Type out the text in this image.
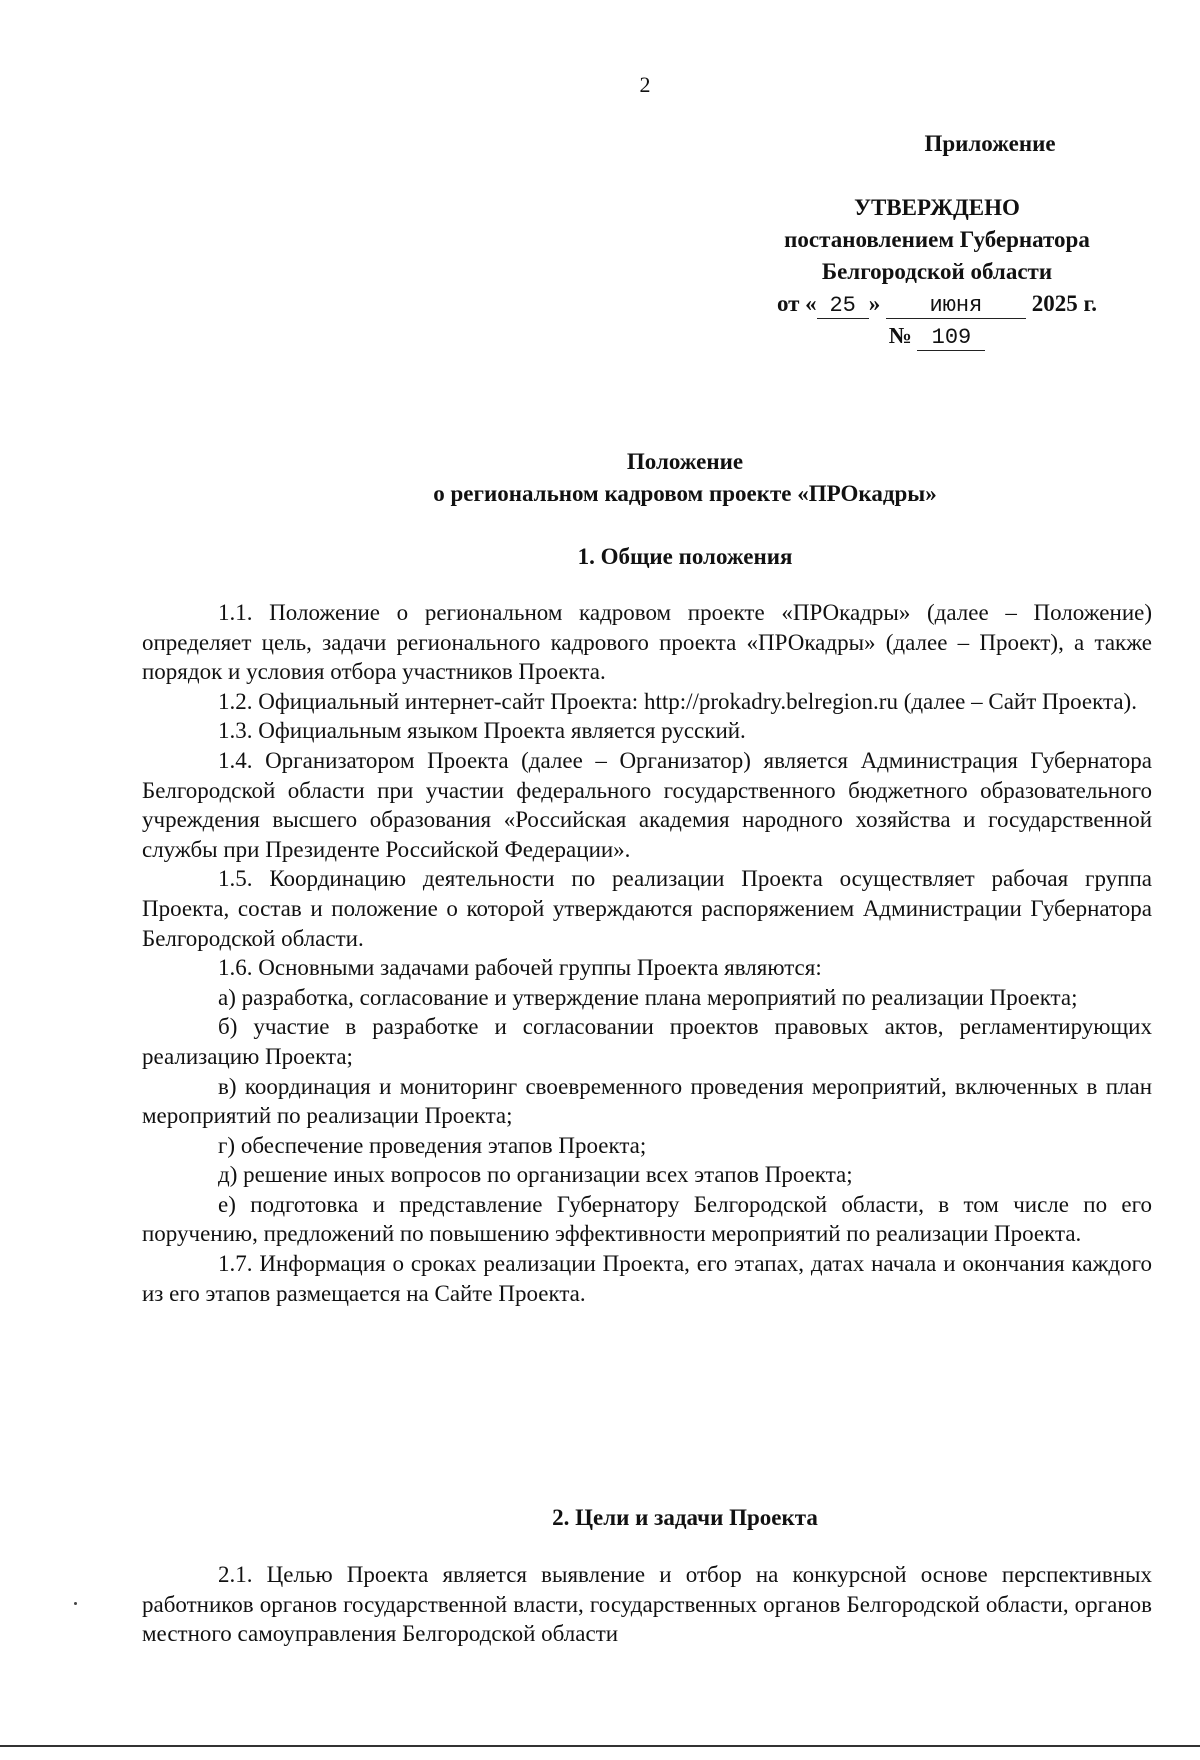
2
Приложение
УТВЕРЖДЕНО
постановлением Губернатора
Белгородской области
от « 25 » июня 2025 г.
№ 109
Положение
о региональном кадровом проекте «ПРОкадры»
1. Общие положения

1.1. Положение о региональном кадровом проекте «ПРОкадры» (далее – Положение) определяет цель, задачи регионального кадрового проекта «ПРОкадры» (далее – Проект), а также порядок и условия отбора участников Проекта.

1.2. Официальный интернет-сайт Проекта: http://prokadry.belregion.ru (далее – Сайт Проекта).

1.3. Официальным языком Проекта является русский.

1.4. Организатором Проекта (далее – Организатор) является Администрация Губернатора Белгородской области при участии федерального государственного бюджетного образовательного учреждения высшего образования «Российская академия народного хозяйства и государственной службы при Президенте Российской Федерации».

1.5. Координацию деятельности по реализации Проекта осуществляет рабочая группа Проекта, состав и положение о которой утверждаются распоряжением Администрации Губернатора Белгородской области.

1.6. Основными задачами рабочей группы Проекта являются:

а) разработка, согласование и утверждение плана мероприятий по реализации Проекта;

б) участие в разработке и согласовании проектов правовых актов, регламентирующих реализацию Проекта;

в) координация и мониторинг своевременного проведения мероприятий, включенных в план мероприятий по реализации Проекта;

г) обеспечение проведения этапов Проекта;

д) решение иных вопросов по организации всех этапов Проекта;

е) подготовка и представление Губернатору Белгородской области, в том числе по его поручению, предложений по повышению эффективности мероприятий по реализации Проекта.

1.7. Информация о сроках реализации Проекта, его этапах, датах начала и окончания каждого из его этапов размещается на Сайте Проекта.

2. Цели и задачи Проекта

2.1. Целью Проекта является выявление и отбор на конкурсной основе перспективных работников органов государственной власти, государственных органов Белгородской области, органов местного самоуправления Белгородской области
